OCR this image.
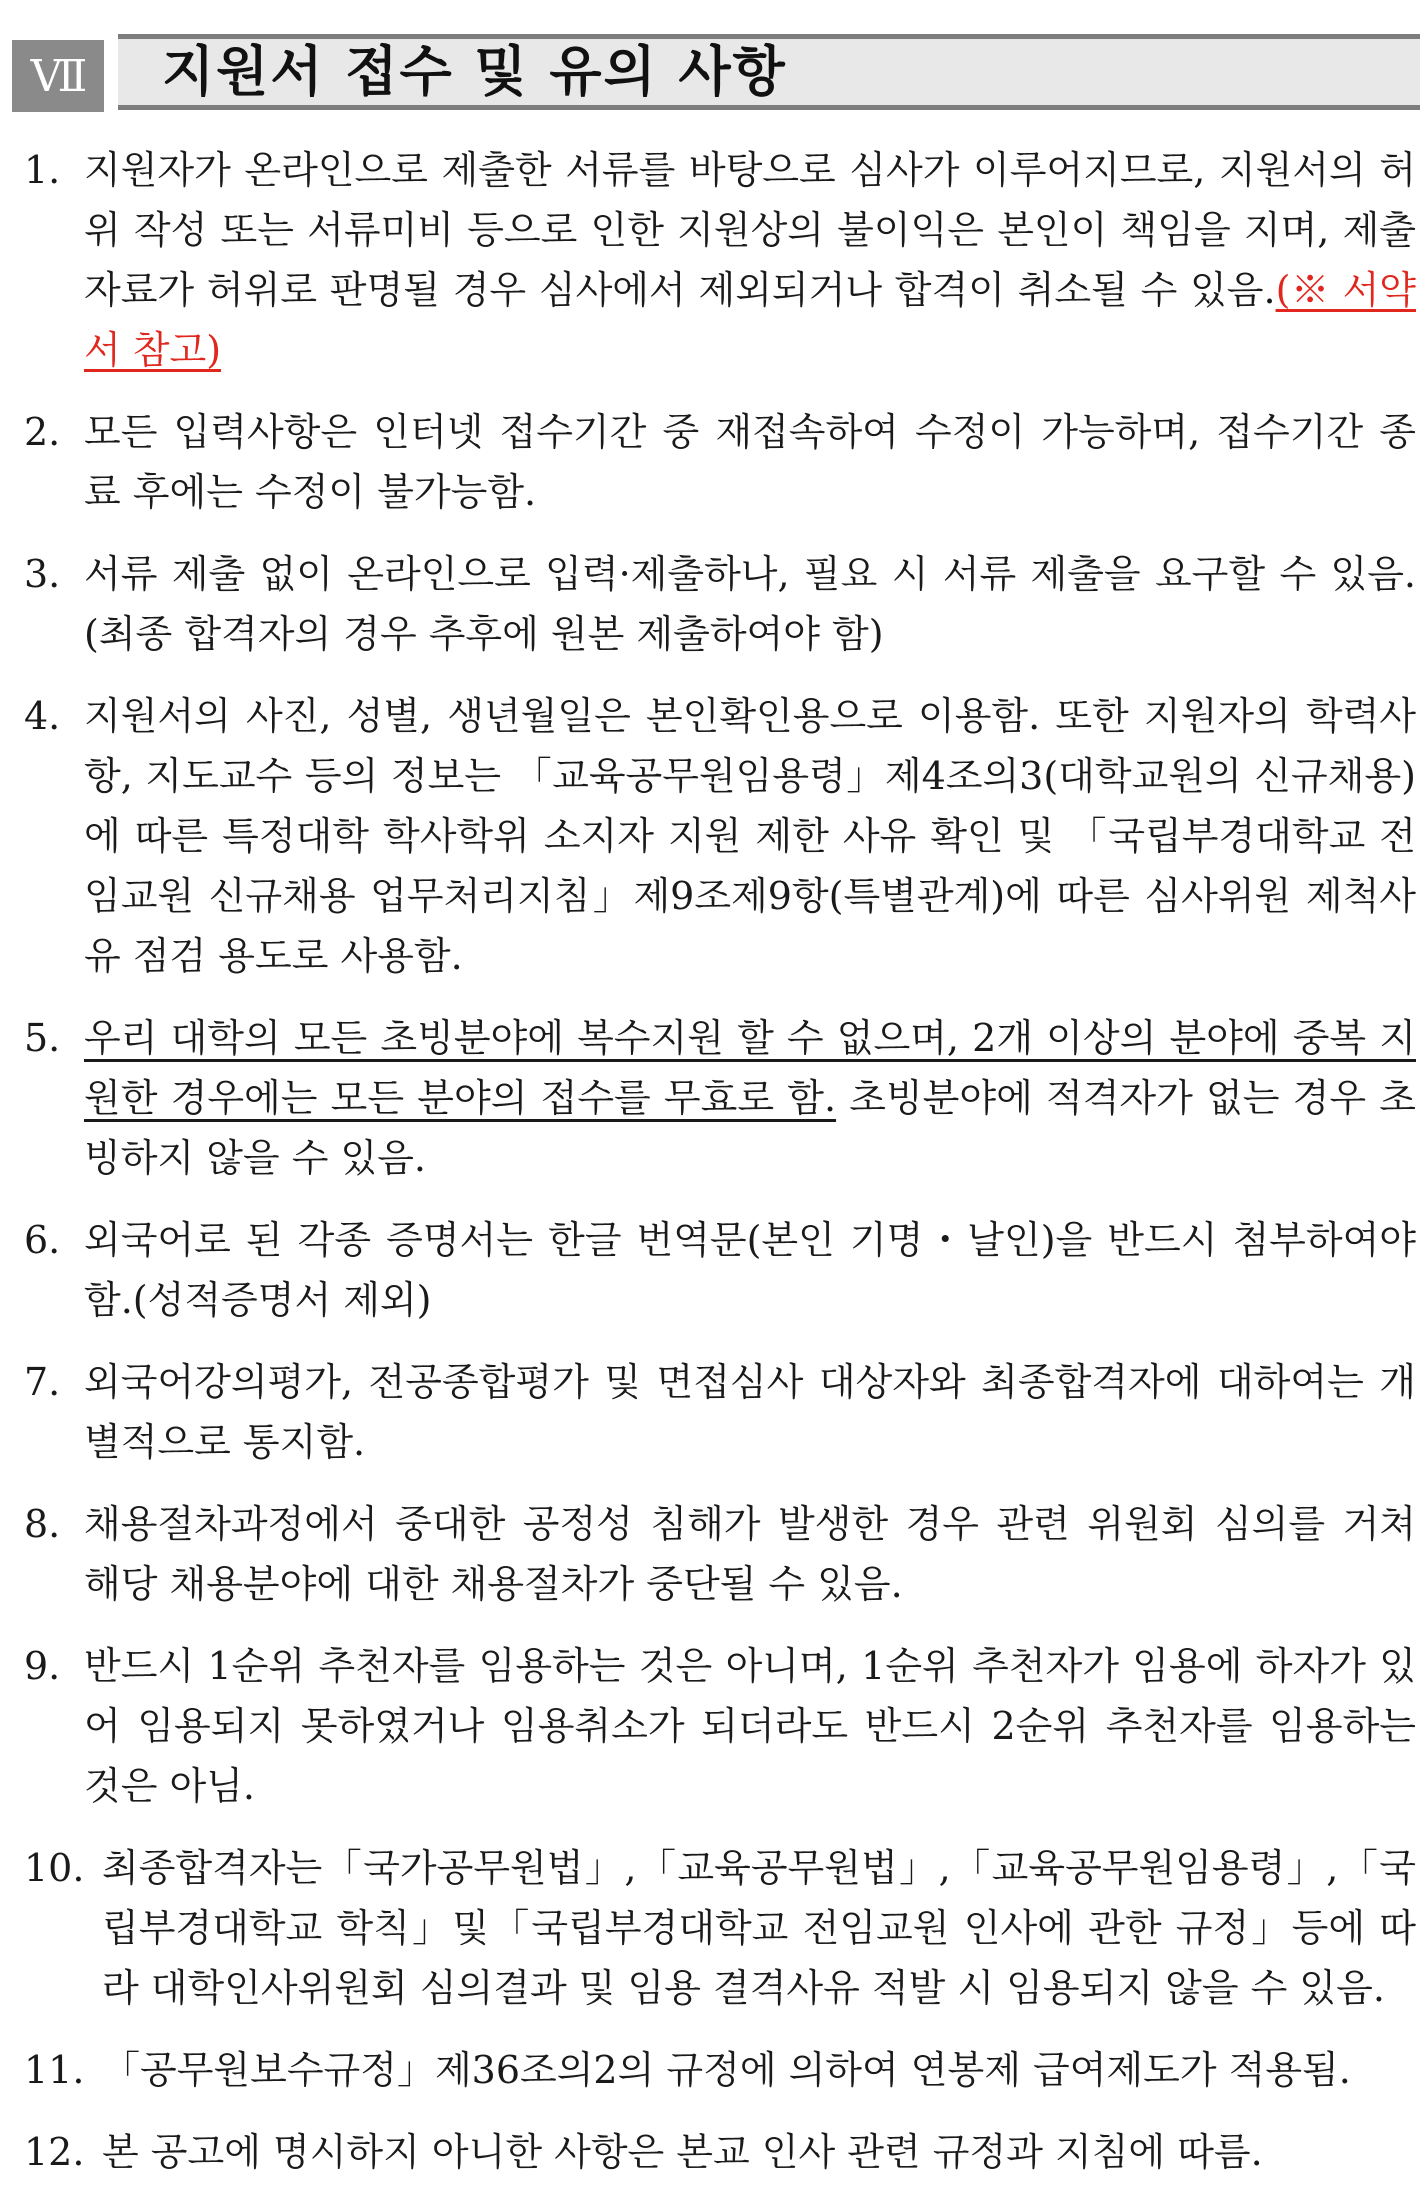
Ⅶ	지원서 접수 및 유의 사항
1. 지원자가 온라인으로 제출한 서류를 바탕으로 심사가 이루어지므로, 지원서의 허위 작성 또는 서류미비 등으로 인한 지원상의 불이익은 본인이 책임을 지며, 제출자료가 허위로 판명될 경우 심사에서 제외되거나 합격이 취소될 수 있음.(※ 서약서 참고)
2. 모든 입력사항은 인터넷 접수기간 중 재접속하여 수정이 가능하며, 접수기간 종료 후에는 수정이 불가능함.
3. 서류 제출 없이 온라인으로 입력·제출하나, 필요 시 서류 제출을 요구할 수 있음. (최종 합격자의 경우 추후에 원본 제출하여야 함)
4. 지원서의 사진, 성별, 생년월일은 본인확인용으로 이용함. 또한 지원자의 학력사항, 지도교수 등의 정보는 「교육공무원임용령」제4조의3(대학교원의 신규채용)에 따른 특정대학 학사학위 소지자 지원 제한 사유 확인 및 「국립부경대학교 전임교원 신규채용 업무처리지침」제9조제9항(특별관계)에 따른 심사위원 제척사유 점검 용도로 사용함.
5. 우리 대학의 모든 초빙분야에 복수지원 할 수 없으며, 2개 이상의 분야에 중복 지원한 경우에는 모든 분야의 접수를 무효로 함. 초빙분야에 적격자가 없는 경우 초빙하지 않을 수 있음.
6. 외국어로 된 각종 증명서는 한글 번역문(본인 기명・날인)을 반드시 첨부하여야 함.(성적증명서 제외)
7. 외국어강의평가, 전공종합평가 및 면접심사 대상자와 최종합격자에 대하여는 개별적으로 통지함.
8. 채용절차과정에서 중대한 공정성 침해가 발생한 경우 관련 위원회 심의를 거쳐 해당 채용분야에 대한 채용절차가 중단될 수 있음.
9. 반드시 1순위 추천자를 임용하는 것은 아니며, 1순위 추천자가 임용에 하자가 있어 임용되지 못하였거나 임용취소가 되더라도 반드시 2순위 추천자를 임용하는 것은 아님.
10. 최종합격자는「국가공무원법」,「교육공무원법」,「교육공무원임용령」,「국립부경대학교 학칙」및「국립부경대학교 전임교원 인사에 관한 규정」등에 따라 대학인사위원회 심의결과 및 임용 결격사유 적발 시 임용되지 않을 수 있음.
11. 「공무원보수규정」제36조의2의 규정에 의하여 연봉제 급여제도가 적용됨.
12. 본 공고에 명시하지 아니한 사항은 본교 인사 관련 규정과 지침에 따름.
